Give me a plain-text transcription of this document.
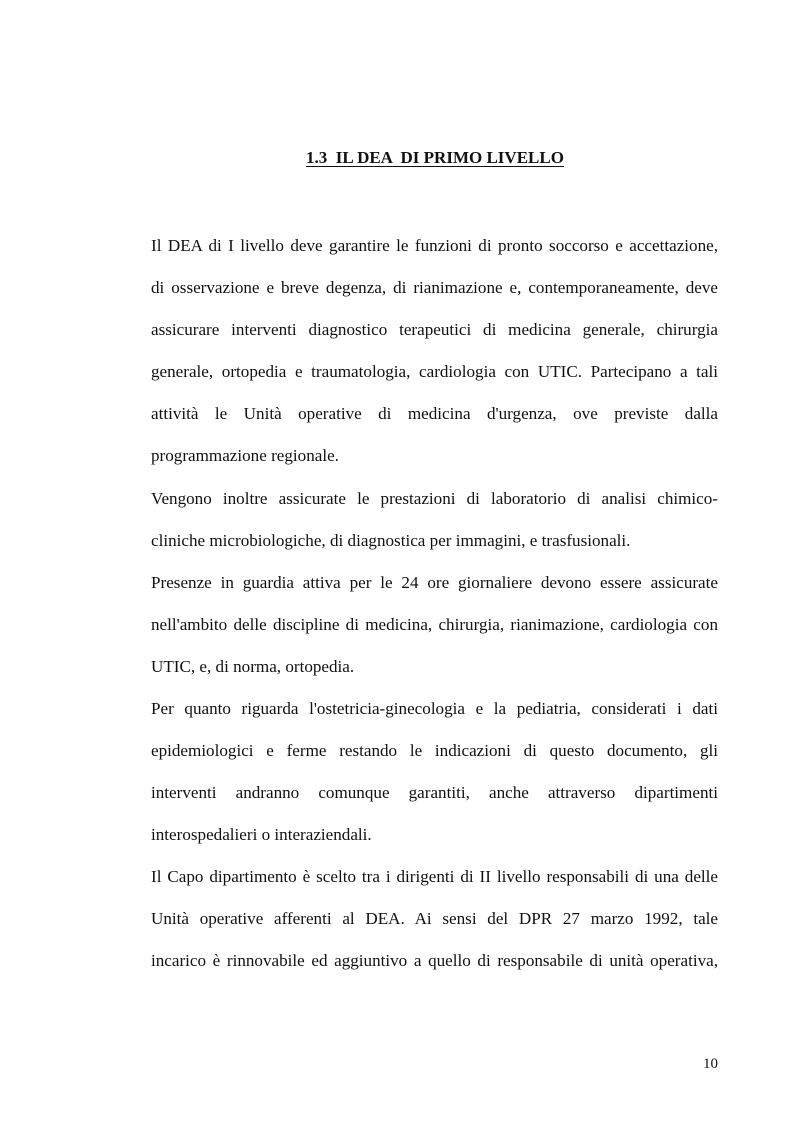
1.3  IL DEA  DI PRIMO LIVELLO
Il DEA di I livello deve garantire le funzioni di pronto soccorso e accettazione,
di osservazione e breve degenza, di rianimazione e, contemporaneamente, deve
assicurare interventi diagnostico terapeutici di medicina generale, chirurgia
generale, ortopedia e traumatologia, cardiologia con UTIC. Partecipano a tali
attività le Unità operative di medicina d'urgenza, ove previste dalla
programmazione regionale.
Vengono inoltre assicurate le prestazioni di laboratorio di analisi chimico-
cliniche microbiologiche, di diagnostica per immagini, e trasfusionali.
Presenze in guardia attiva per le 24 ore giornaliere devono essere assicurate
nell'ambito delle discipline di medicina, chirurgia, rianimazione, cardiologia con
UTIC, e, di norma, ortopedia.
Per quanto riguarda l'ostetricia-ginecologia e la pediatria, considerati i dati
epidemiologici e ferme restando le indicazioni di questo documento, gli
interventi andranno comunque garantiti, anche attraverso dipartimenti
interospedalieri o interaziendali.
Il Capo dipartimento è scelto tra i dirigenti di II livello responsabili di una delle
Unità operative afferenti al DEA. Ai sensi del DPR 27 marzo 1992, tale
incarico è rinnovabile ed aggiuntivo a quello di responsabile di unità operativa,
10
